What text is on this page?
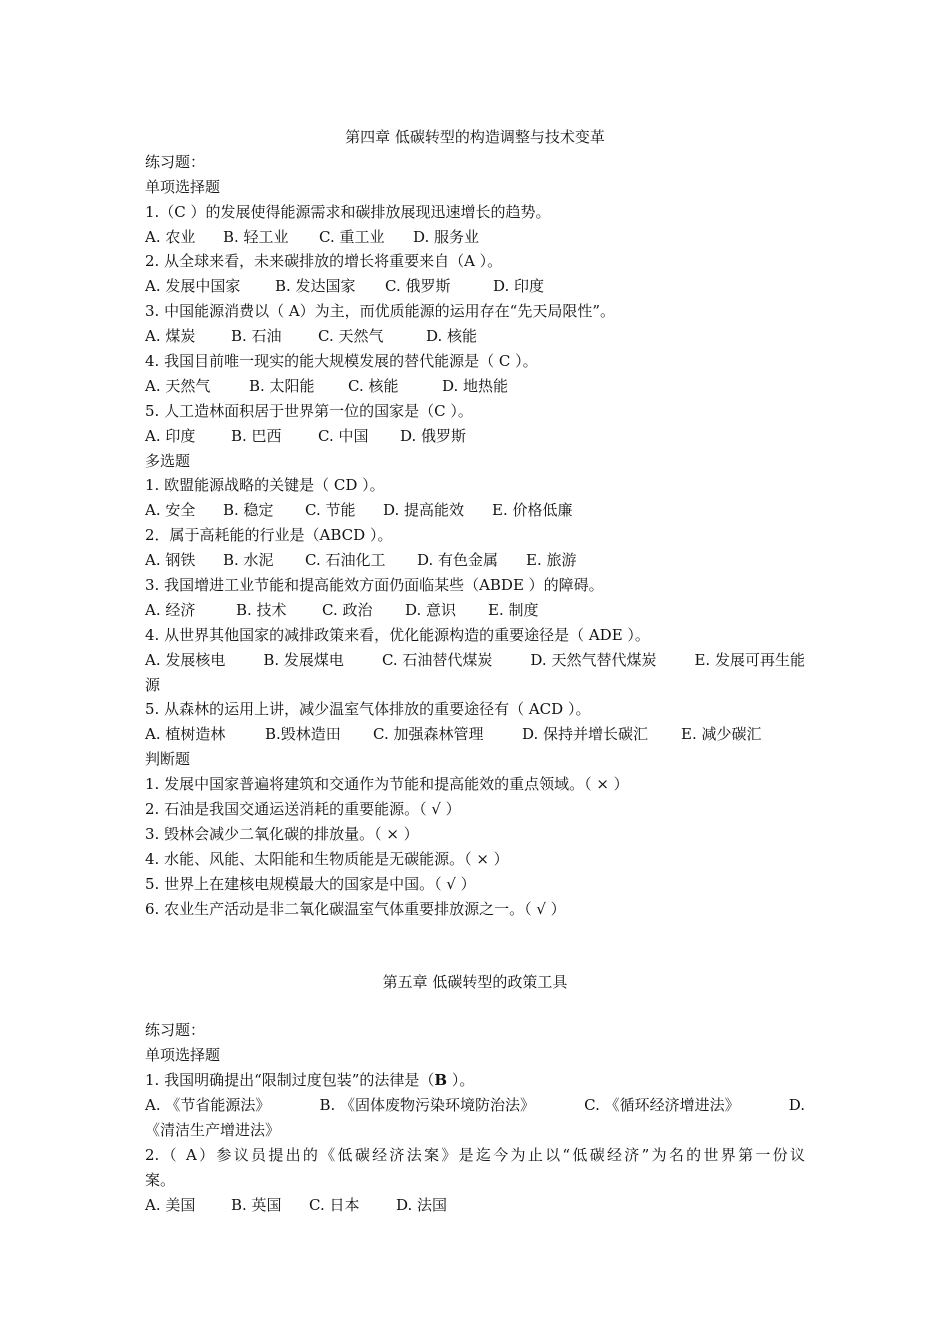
第四章 低碳转型的构造调整与技术变革
练习题：
单项选择题
1.（C ）的发展使得能源需求和碳排放展现迅速增长的趋势。
A. 农业	B. 轻工业	C. 重工业	D. 服务业
2. 从全球来看，未来碳排放的增长将重要来自（A ）。
A. 发展中国家	B. 发达国家	C. 俄罗斯	D. 印度
3. 中国能源消费以（ A）为主，而优质能源的运用存在“先天局限性”。
A. 煤炭	B. 石油	C. 天然气	D. 核能
4. 我国目前唯一现实的能大规模发展的替代能源是（ C ）。
A. 天然气	B. 太阳能	C. 核能	D. 地热能
5. 人工造林面积居于世界第一位的国家是（C ）。
A. 印度	B. 巴西	C. 中国	D. 俄罗斯
多选题
1. 欧盟能源战略的关键是（ CD ）。
A. 安全	B. 稳定	C. 节能	D. 提高能效	E. 价格低廉
2．属于高耗能的行业是（ABCD ）。
A. 钢铁	B. 水泥	C. 石油化工	D. 有色金属	E. 旅游
3. 我国增进工业节能和提高能效方面仍面临某些（ABDE ）的障碍。
A. 经济	B. 技术	C. 政治	D. 意识	E. 制度
4. 从世界其他国家的减排政策来看，优化能源构造的重要途径是（ ADE ）。
A. 发展核电	B. 发展煤电	C. 石油替代煤炭	D. 天然气替代煤炭	E. 发展可再生能
源
5. 从森林的运用上讲，减少温室气体排放的重要途径有（ ACD ）。
A. 植树造林	B.毁林造田	C. 加强森林管理	D. 保持并增长碳汇	E. 减少碳汇
判断题
1. 发展中国家普遍将建筑和交通作为节能和提高能效的重点领域。（ × ）
2. 石油是我国交通运送消耗的重要能源。（ √ ）
3. 毁林会减少二氧化碳的排放量。（ × ）
4. 水能、风能、太阳能和生物质能是无碳能源。（ × ）
5. 世界上在建核电规模最大的国家是中国。（ √ ）
6. 农业生产活动是非二氧化碳温室气体重要排放源之一。（ √ ）
第五章 低碳转型的政策工具
练习题：
单项选择题
1. 我国明确提出“限制过度包装”的法律是（B ）。
A. 《节省能源法》	B. 《固体废物污染环境防治法》	C. 《循环经济增进法》	D.
《清洁生产增进法》
2.（ A）参议员提出的《低碳经济法案》是迄今为止以“低碳经济”为名的世界第一份议
案。
A. 美国	B. 英国	C. 日本	D. 法国
